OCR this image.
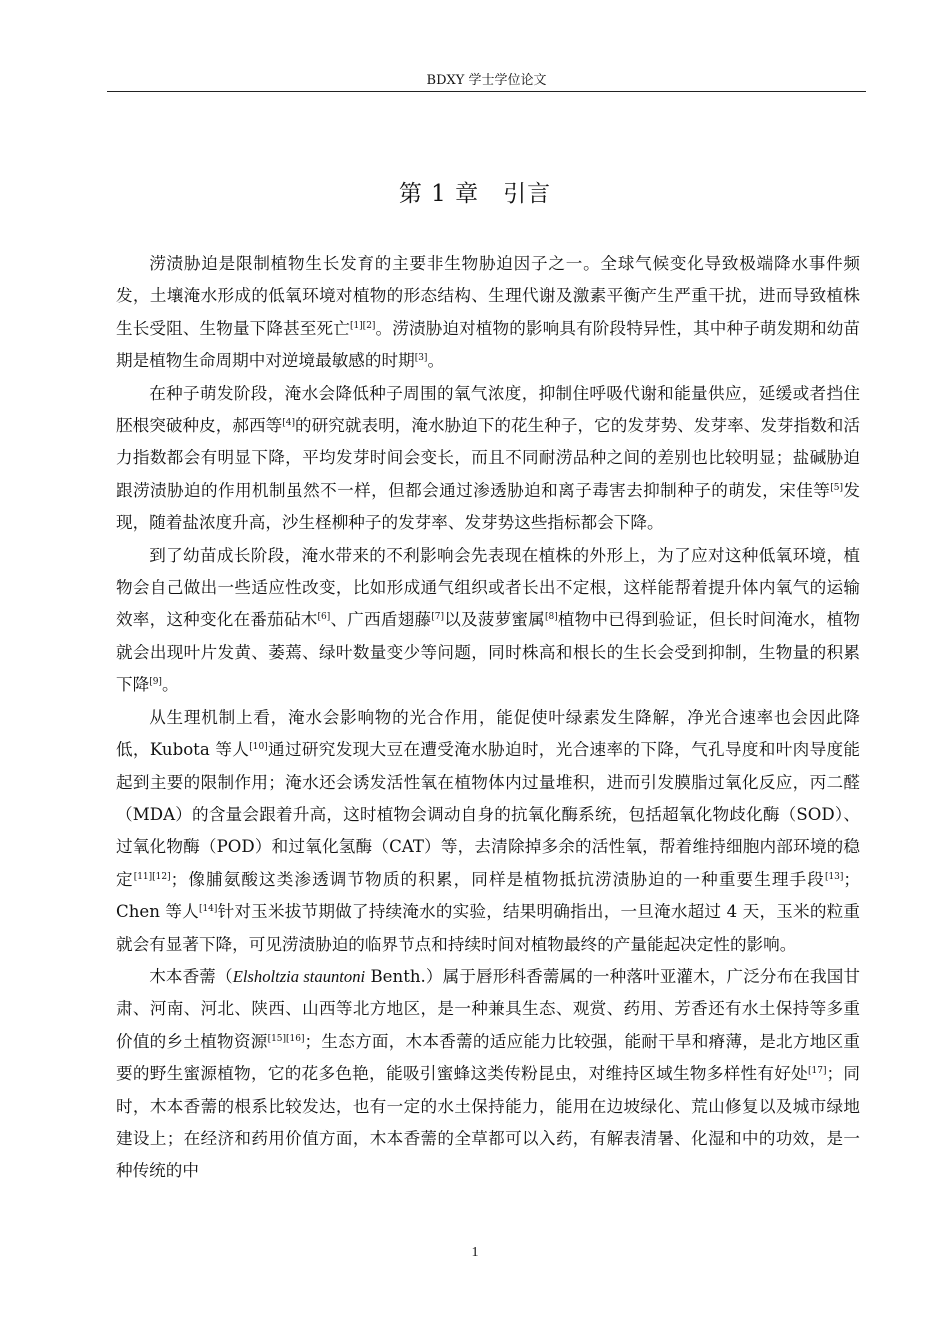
BDXY 学士学位论文
第 1 章 引言

涝渍胁迫是限制植物生长发育的主要非生物胁迫因子之一。全球气候变化导致极端降水事件频发，土壤淹水形成的低氧环境对植物的形态结构、生理代谢及激素平衡产生严重干扰，进而导致植株生长受阻、生物量下降甚至死亡[1][2]。涝渍胁迫对植物的影响具有阶段特异性，其中种子萌发期和幼苗期是植物生命周期中对逆境最敏感的时期[3]。

在种子萌发阶段，淹水会降低种子周围的氧气浓度，抑制住呼吸代谢和能量供应，延缓或者挡住胚根突破种皮，郝西等[4]的研究就表明，淹水胁迫下的花生种子，它的发芽势、发芽率、发芽指数和活力指数都会有明显下降，平均发芽时间会变长，而且不同耐涝品种之间的差别也比较明显；盐碱胁迫跟涝渍胁迫的作用机制虽然不一样，但都会通过渗透胁迫和离子毒害去抑制种子的萌发，宋佳等[5]发现，随着盐浓度升高，沙生柽柳种子的发芽率、发芽势这些指标都会下降。

到了幼苗成长阶段，淹水带来的不利影响会先表现在植株的外形上，为了应对这种低氧环境，植物会自己做出一些适应性改变，比如形成通气组织或者长出不定根，这样能帮着提升体内氧气的运输效率，这种变化在番茄砧木[6]、广西盾翅藤[7]以及菠萝蜜属[8]植物中已得到验证，但长时间淹水，植物就会出现叶片发黄、萎蔫、绿叶数量变少等问题，同时株高和根长的生长会受到抑制，生物量的积累下降[9]。

从生理机制上看，淹水会影响物的光合作用，能促使叶绿素发生降解，净光合速率也会因此降低，Kubota 等人[10]通过研究发现大豆在遭受淹水胁迫时，光合速率的下降，气孔导度和叶肉导度能起到主要的限制作用；淹水还会诱发活性氧在植物体内过量堆积，进而引发膜脂过氧化反应，丙二醛（MDA）的含量会跟着升高，这时植物会调动自身的抗氧化酶系统，包括超氧化物歧化酶（SOD）、过氧化物酶（POD）和过氧化氢酶（CAT）等，去清除掉多余的活性氧，帮着维持细胞内部环境的稳定[11][12]；像脯氨酸这类渗透调节物质的积累，同样是植物抵抗涝渍胁迫的一种重要生理手段[13]；Chen 等人[14]针对玉米拔节期做了持续淹水的实验，结果明确指出，一旦淹水超过 4 天，玉米的粒重就会有显著下降，可见涝渍胁迫的临界节点和持续时间对植物最终的产量能起决定性的影响。

木本香薷（Elsholtzia stauntoni Benth.）属于唇形科香薷属的一种落叶亚灌木，广泛分布在我国甘肃、河南、河北、陕西、山西等北方地区，是一种兼具生态、观赏、药用、芳香还有水土保持等多重价值的乡土植物资源[15][16]；生态方面，木本香薷的适应能力比较强，能耐干旱和瘠薄，是北方地区重要的野生蜜源植物，它的花多色艳，能吸引蜜蜂这类传粉昆虫，对维持区域生物多样性有好处[17]；同时，木本香薷的根系比较发达，也有一定的水土保持能力，能用在边坡绿化、荒山修复以及城市绿地建设上；在经济和药用价值方面，木本香薷的全草都可以入药，有解表清暑、化湿和中的功效，是一种传统的中

1
